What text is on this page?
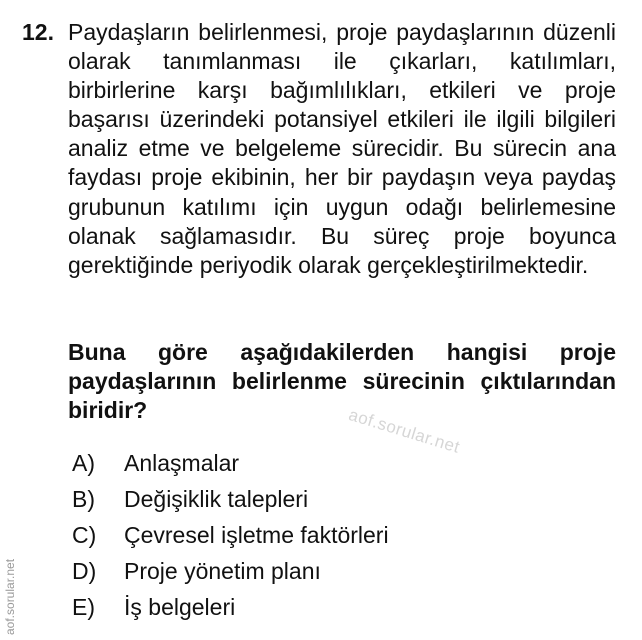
12. Paydaşların belirlenmesi, proje paydaşlarının düzenli olarak tanımlanması ile çıkarları, katılımları, birbirlerine karşı bağımlılıkları, etkileri ve proje başarısı üzerindeki potansiyel etkileri ile ilgili bilgileri analiz etme ve belgeleme sürecidir. Bu sürecin ana faydası proje ekibinin, her bir paydaşın veya paydaş grubunun katılımı için uygun odağı belirlemesine olanak sağlamasıdır. Bu süreç proje boyunca gerektiğinde periyodik olarak gerçekleştirilmektedir.
Buna göre aşağıdakilerden hangisi proje paydaşlarının belirlenme sürecinin çıktılarından biridir?
A)	Anlaşmalar
B)	Değişiklik talepleri
C)	Çevresel işletme faktörleri
D)	Proje yönetim planı
E)	İş belgeleri
aof.sorular.net
aof.sorular.net
